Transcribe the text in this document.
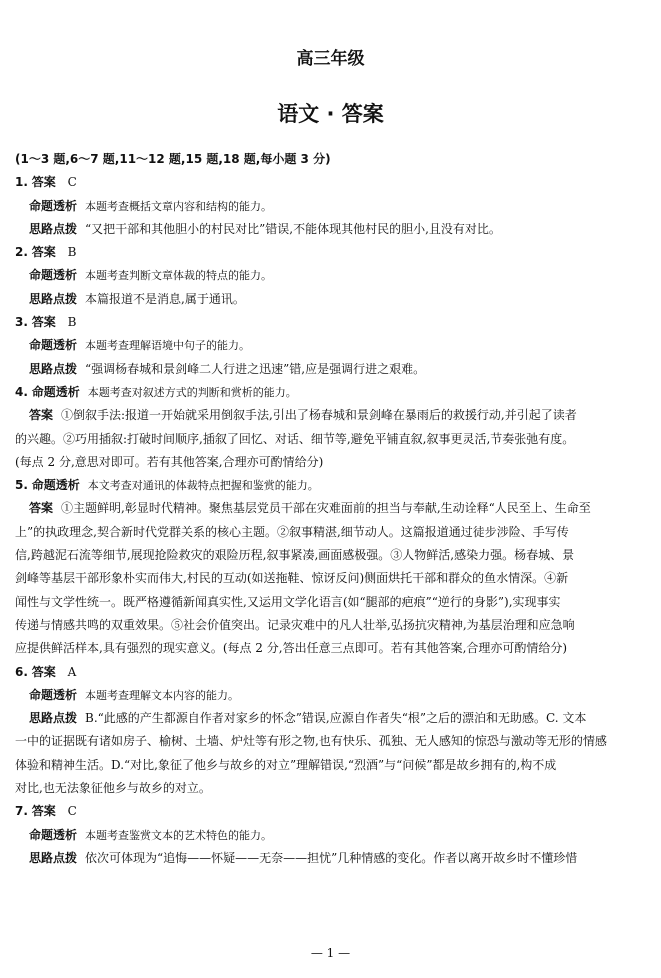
高三年级
语文 · 答案
(1～3 题,6～7 题,11～12 题,15 题,18 题,每小题 3 分)
1. 答案 C
命题透析 本题考查概括文章内容和结构的能力。
思路点拨 “又把干部和其他胆小的村民对比”错误,不能体现其他村民的胆小,且没有对比。
2. 答案 B
命题透析 本题考查判断文章体裁的特点的能力。
思路点拨 本篇报道不是消息,属于通讯。
3. 答案 B
命题透析 本题考查理解语境中句子的能力。
思路点拨 “强调杨春城和景剑峰二人行进之迅速”错,应是强调行进之艰难。
4. 命题透析 本题考查对叙述方式的判断和赏析的能力。
答案 ①倒叙手法:报道一开始就采用倒叙手法,引出了杨春城和景剑峰在暴雨后的救援行动,并引起了读者
的兴趣。②巧用插叙:打破时间顺序,插叙了回忆、对话、细节等,避免平铺直叙,叙事更灵活,节奏张弛有度。
(每点 2 分,意思对即可。若有其他答案,合理亦可酌情给分)
5. 命题透析 本文考查对通讯的体裁特点把握和鉴赏的能力。
答案 ①主题鲜明,彰显时代精神。聚焦基层党员干部在灾难面前的担当与奉献,生动诠释“人民至上、生命至
上”的执政理念,契合新时代党群关系的核心主题。②叙事精湛,细节动人。这篇报道通过徒步涉险、手写传
信,跨越泥石流等细节,展现抢险救灾的艰险历程,叙事紧凑,画面感极强。③人物鲜活,感染力强。杨春城、景
剑峰等基层干部形象朴实而伟大,村民的互动(如送拖鞋、惊讶反问)侧面烘托干部和群众的鱼水情深。④新
闻性与文学性统一。既严格遵循新闻真实性,又运用文学化语言(如“腿部的疤痕”“逆行的身影”),实现事实
传递与情感共鸣的双重效果。⑤社会价值突出。记录灾难中的凡人壮举,弘扬抗灾精神,为基层治理和应急响
应提供鲜活样本,具有强烈的现实意义。(每点 2 分,答出任意三点即可。若有其他答案,合理亦可酌情给分)
6. 答案 A
命题透析 本题考查理解文本内容的能力。
思路点拨 B.“此感的产生都源自作者对家乡的怀念”错误,应源自作者失“根”之后的漂泊和无助感。C. 文本
一中的证据既有诸如房子、榆树、土墙、炉灶等有形之物,也有快乐、孤独、无人感知的惊恐与激动等无形的情感
体验和精神生活。D.“对比,象征了他乡与故乡的对立”理解错误,“烈酒”与“问候”都是故乡拥有的,构不成
对比,也无法象征他乡与故乡的对立。
7. 答案 C
命题透析 本题考查鉴赏文本的艺术特色的能力。
思路点拨 依次可体现为“追悔——怀疑——无奈——担忧”几种情感的变化。作者以离开故乡时不懂珍惜
— 1 —
